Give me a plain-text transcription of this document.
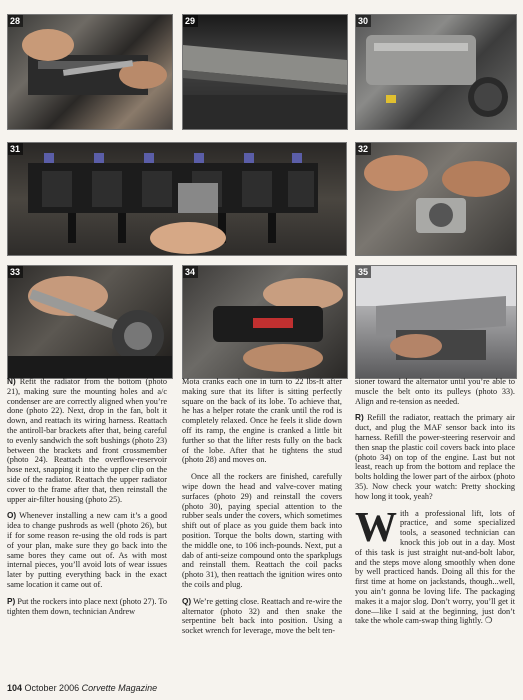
28	29	30
31	32
33	34	35

N) Refit the radiator from the bottom (photo 21), making sure the mounting holes and a/c condenser are are correctly aligned when you’re done (photo 22). Next, drop in the fan, bolt it down, and reattach its wiring harness. Reattach the antiroll-bar brackets after that, being careful to evenly sandwich the soft bushings (photo 23) between the brackets and front crossmember (photo 24). Reattach the overflow-reservoir hose next, snapping it into the upper clip on the side of the radiator. Reattach the upper radiator cover to the frame after that, then reinstall the upper air-filter housing (photo 25).

O) Whenever installing a new cam it’s a good idea to change pushrods as well (photo 26), but if for some reason re-using the old rods is part of your plan, make sure they go back into the same bores they came out of. As with most internal pieces, you’ll avoid lots of wear issues later by putting everything back in the exact same location it came out of.

P) Put the rockers into place next (photo 27). To tighten them down, technician Andrew

Mota cranks each one in turn to 22 lbs-ft after making sure that its lifter is sitting perfectly square on the back of its lobe. To achieve that, he has a helper rotate the crank until the rod is completely relaxed. Once he feels it slide down off its ramp, the engine is cranked a little bit further so that the lifter rests fully on the back of the lobe. After that he tightens the stud (photo 28) and moves on.

Once all the rockers are finished, carefully wipe down the head and valve-cover mating surfaces (photo 29) and reinstall the covers (photo 30), paying special attention to the rubber seals under the covers, which sometimes shift out of place as you guide them back into position. Torque the bolts down, starting with the middle one, to 106 inch-pounds. Next, put a dab of anti-seize compound onto the sparkplugs and reinstall them. Reattach the coil packs (photo 31), then reattach the ignition wires onto the coils and plug.

Q) We’re getting close. Reattach and re-wire the alternator (photo 32) and then snake the serpentine belt back into position. Using a socket wrench for leverage, move the belt ten-

sioner toward the alternator until you’re able to muscle the belt onto its pulleys (photo 33). Align and re-tension as needed.

R) Refill the radiator, reattach the primary air duct, and plug the MAF sensor back into its harness. Refill the power-steering reservoir and then snap the plastic coil covers back into place (photo 34) on top of the engine. Last but not least, reach up from the bottom and replace the bolts holding the lower part of the airbox (photo 35). Now check your watch: Pretty shocking how long it took, yeah?

With a professional lift, lots of practice, and some specialized tools, a seasoned technician can knock this job out in a day. Most of this task is just straight nut-and-bolt labor, and the steps move along smoothly when done by well practiced hands. Doing all this for the first time at home on jackstands, though...well, you ain’t gonna be loving life. The packaging makes it a major slog. Don’t worry, you’ll get it done—like I said at the beginning, just don’t take the whole cam-swap thing lightly. ❍

104 October 2006 Corvette Magazine
